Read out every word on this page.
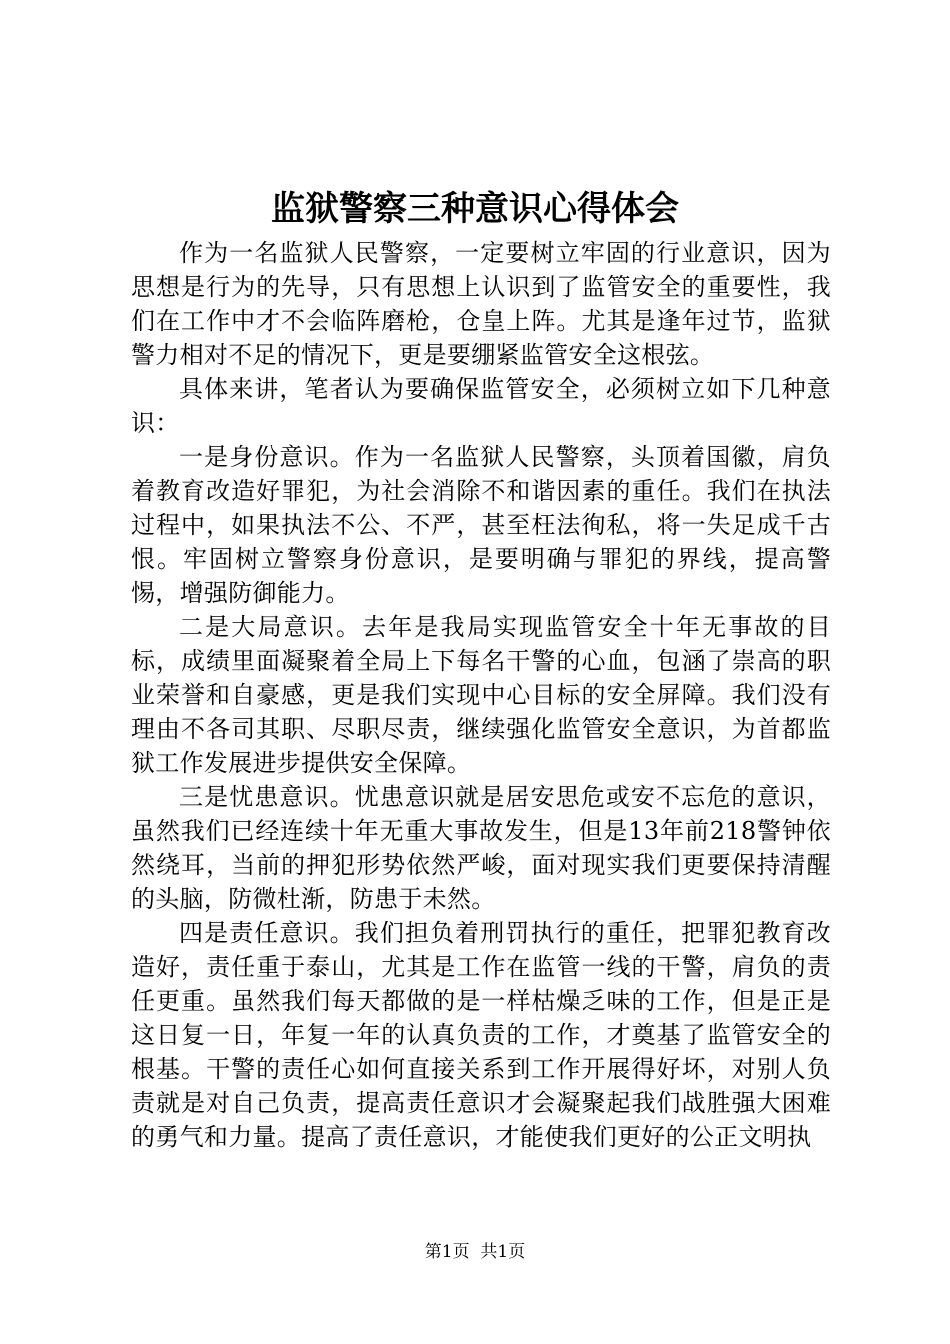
监狱警察三种意识心得体会

作为一名监狱人民警察，一定要树立牢固的行业意识，因为思想是行为的先导，只有思想上认识到了监管安全的重要性，我们在工作中才不会临阵磨枪，仓皇上阵。尤其是逢年过节，监狱警力相对不足的情况下，更是要绷紧监管安全这根弦。

具体来讲，笔者认为要确保监管安全，必须树立如下几种意识：

一是身份意识。作为一名监狱人民警察，头顶着国徽，肩负着教育改造好罪犯，为社会消除不和谐因素的重任。我们在执法过程中，如果执法不公、不严，甚至枉法徇私，将一失足成千古恨。牢固树立警察身份意识，是要明确与罪犯的界线，提高警惕，增强防御能力。

二是大局意识。去年是我局实现监管安全十年无事故的目标，成绩里面凝聚着全局上下每名干警的心血，包涵了崇高的职业荣誉和自豪感，更是我们实现中心目标的安全屏障。我们没有理由不各司其职、尽职尽责，继续强化监管安全意识，为首都监狱工作发展进步提供安全保障。

三是忧患意识。忧患意识就是居安思危或安不忘危的意识，虽然我们已经连续十年无重大事故发生，但是13年前218警钟依然绕耳，当前的押犯形势依然严峻，面对现实我们更要保持清醒的头脑，防微杜渐，防患于未然。

四是责任意识。我们担负着刑罚执行的重任，把罪犯教育改造好，责任重于泰山，尤其是工作在监管一线的干警，肩负的责任更重。虽然我们每天都做的是一样枯燥乏味的工作，但是正是这日复一日，年复一年的认真负责的工作，才奠基了监管安全的根基。干警的责任心如何直接关系到工作开展得好坏，对别人负责就是对自己负责，提高责任意识才会凝聚起我们战胜强大困难的勇气和力量。提高了责任意识，才能使我们更好的公正文明执

第1页 共1页
